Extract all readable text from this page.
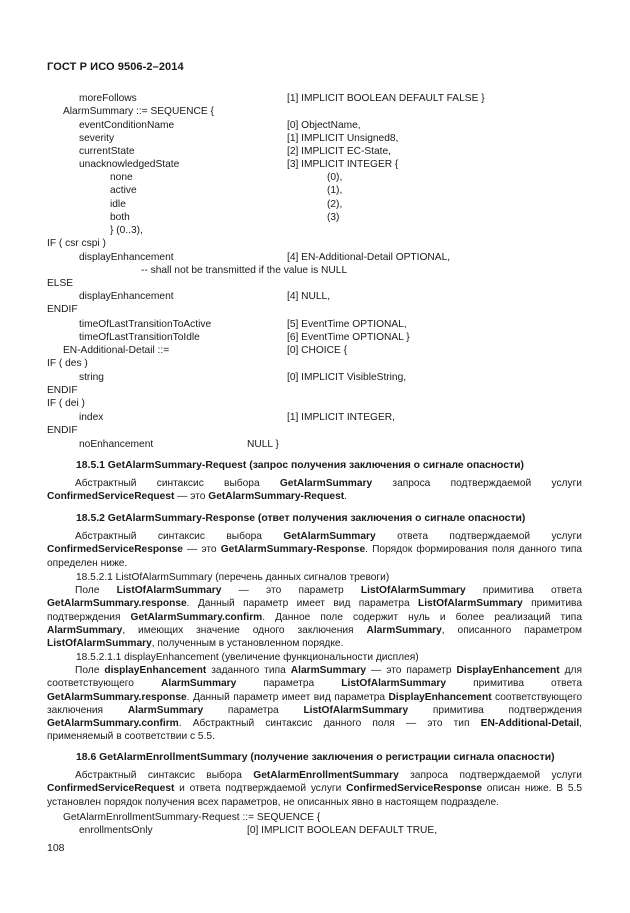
ГОСТ Р ИСО 9506-2–2014
moreFollows	[1] IMPLICIT BOOLEAN DEFAULT FALSE }
AlarmSummary ::= SEQUENCE {
eventConditionName	[0] ObjectName,
severity	[1] IMPLICIT Unsigned8,
currentState	[2] IMPLICIT EC-State,
unacknowledgedState	[3] IMPLICIT INTEGER {
none	(0),
active	(1),
idle	(2),
both	(3)
} (0..3),
IF ( csr cspi )
displayEnhancement	[4] EN-Additional-Detail OPTIONAL,
-- shall not be transmitted if the value is NULL
ELSE
displayEnhancement	[4] NULL,
ENDIF
timeOfLastTransitionToActive	[5] EventTime OPTIONAL,
timeOfLastTransitionToIdle	[6] EventTime OPTIONAL }
EN-Additional-Detail ::=	[0] CHOICE {
IF ( des )
string	[0] IMPLICIT VisibleString,
ENDIF
IF ( dei )
index	[1] IMPLICIT INTEGER,
ENDIF
noEnhancement	NULL }
18.5.1 GetAlarmSummary-Request (запрос получения заключения о сигнале опасности)
Абстрактный синтаксис выбора GetAlarmSummary запроса подтверждаемой услуги ConfirmedServiceRequest — это GetAlarmSummary-Request.
18.5.2 GetAlarmSummary-Response (ответ получения заключения о сигнале опасности)
Абстрактный синтаксис выбора GetAlarmSummary ответа подтверждаемой услуги ConfirmedServiceResponse — это GetAlarmSummary-Response. Порядок формирования поля данного типа определен ниже.
18.5.2.1 ListOfAlarmSummary (перечень данных сигналов тревоги)
Поле ListOfAlarmSummary — это параметр ListOfAlarmSummary примитива ответа GetAlarmSummary.response. Данный параметр имеет вид параметра ListOfAlarmSummary примитива подтверждения GetAlarmSummary.confirm. Данное поле содержит нуль и более реализаций типа AlarmSummary, имеющих значение одного заключения AlarmSummary, описанного параметром ListOfAlarmSummary, полученным в установленном порядке.
18.5.2.1.1 displayEnhancement (увеличение функциональности дисплея)
Поле displayEnhancement заданного типа AlarmSummary — это параметр DisplayEnhancement для соответствующего AlarmSummary параметра ListOfAlarmSummary примитива ответа GetAlarmSummary.response. Данный параметр имеет вид параметра DisplayEnhancement соответствующего заключения AlarmSummary параметра ListOfAlarmSummary примитива подтверждения GetAlarmSummary.confirm. Абстрактный синтаксис данного поля — это тип EN-Additional-Detail, применяемый в соответствии с 5.5.
18.6 GetAlarmEnrollmentSummary (получение заключения о регистрации сигнала опасности)
Абстрактный синтаксис выбора GetAlarmEnrollmentSummary запроса подтверждаемой услуги ConfirmedServiceRequest и ответа подтверждаемой услуги ConfirmedServiceResponse описан ниже. В 5.5 установлен порядок получения всех параметров, не описанных явно в настоящем подразделе.
GetAlarmEnrollmentSummary-Request ::= SEQUENCE {
enrollmentsOnly	[0] IMPLICIT BOOLEAN DEFAULT TRUE,
108
